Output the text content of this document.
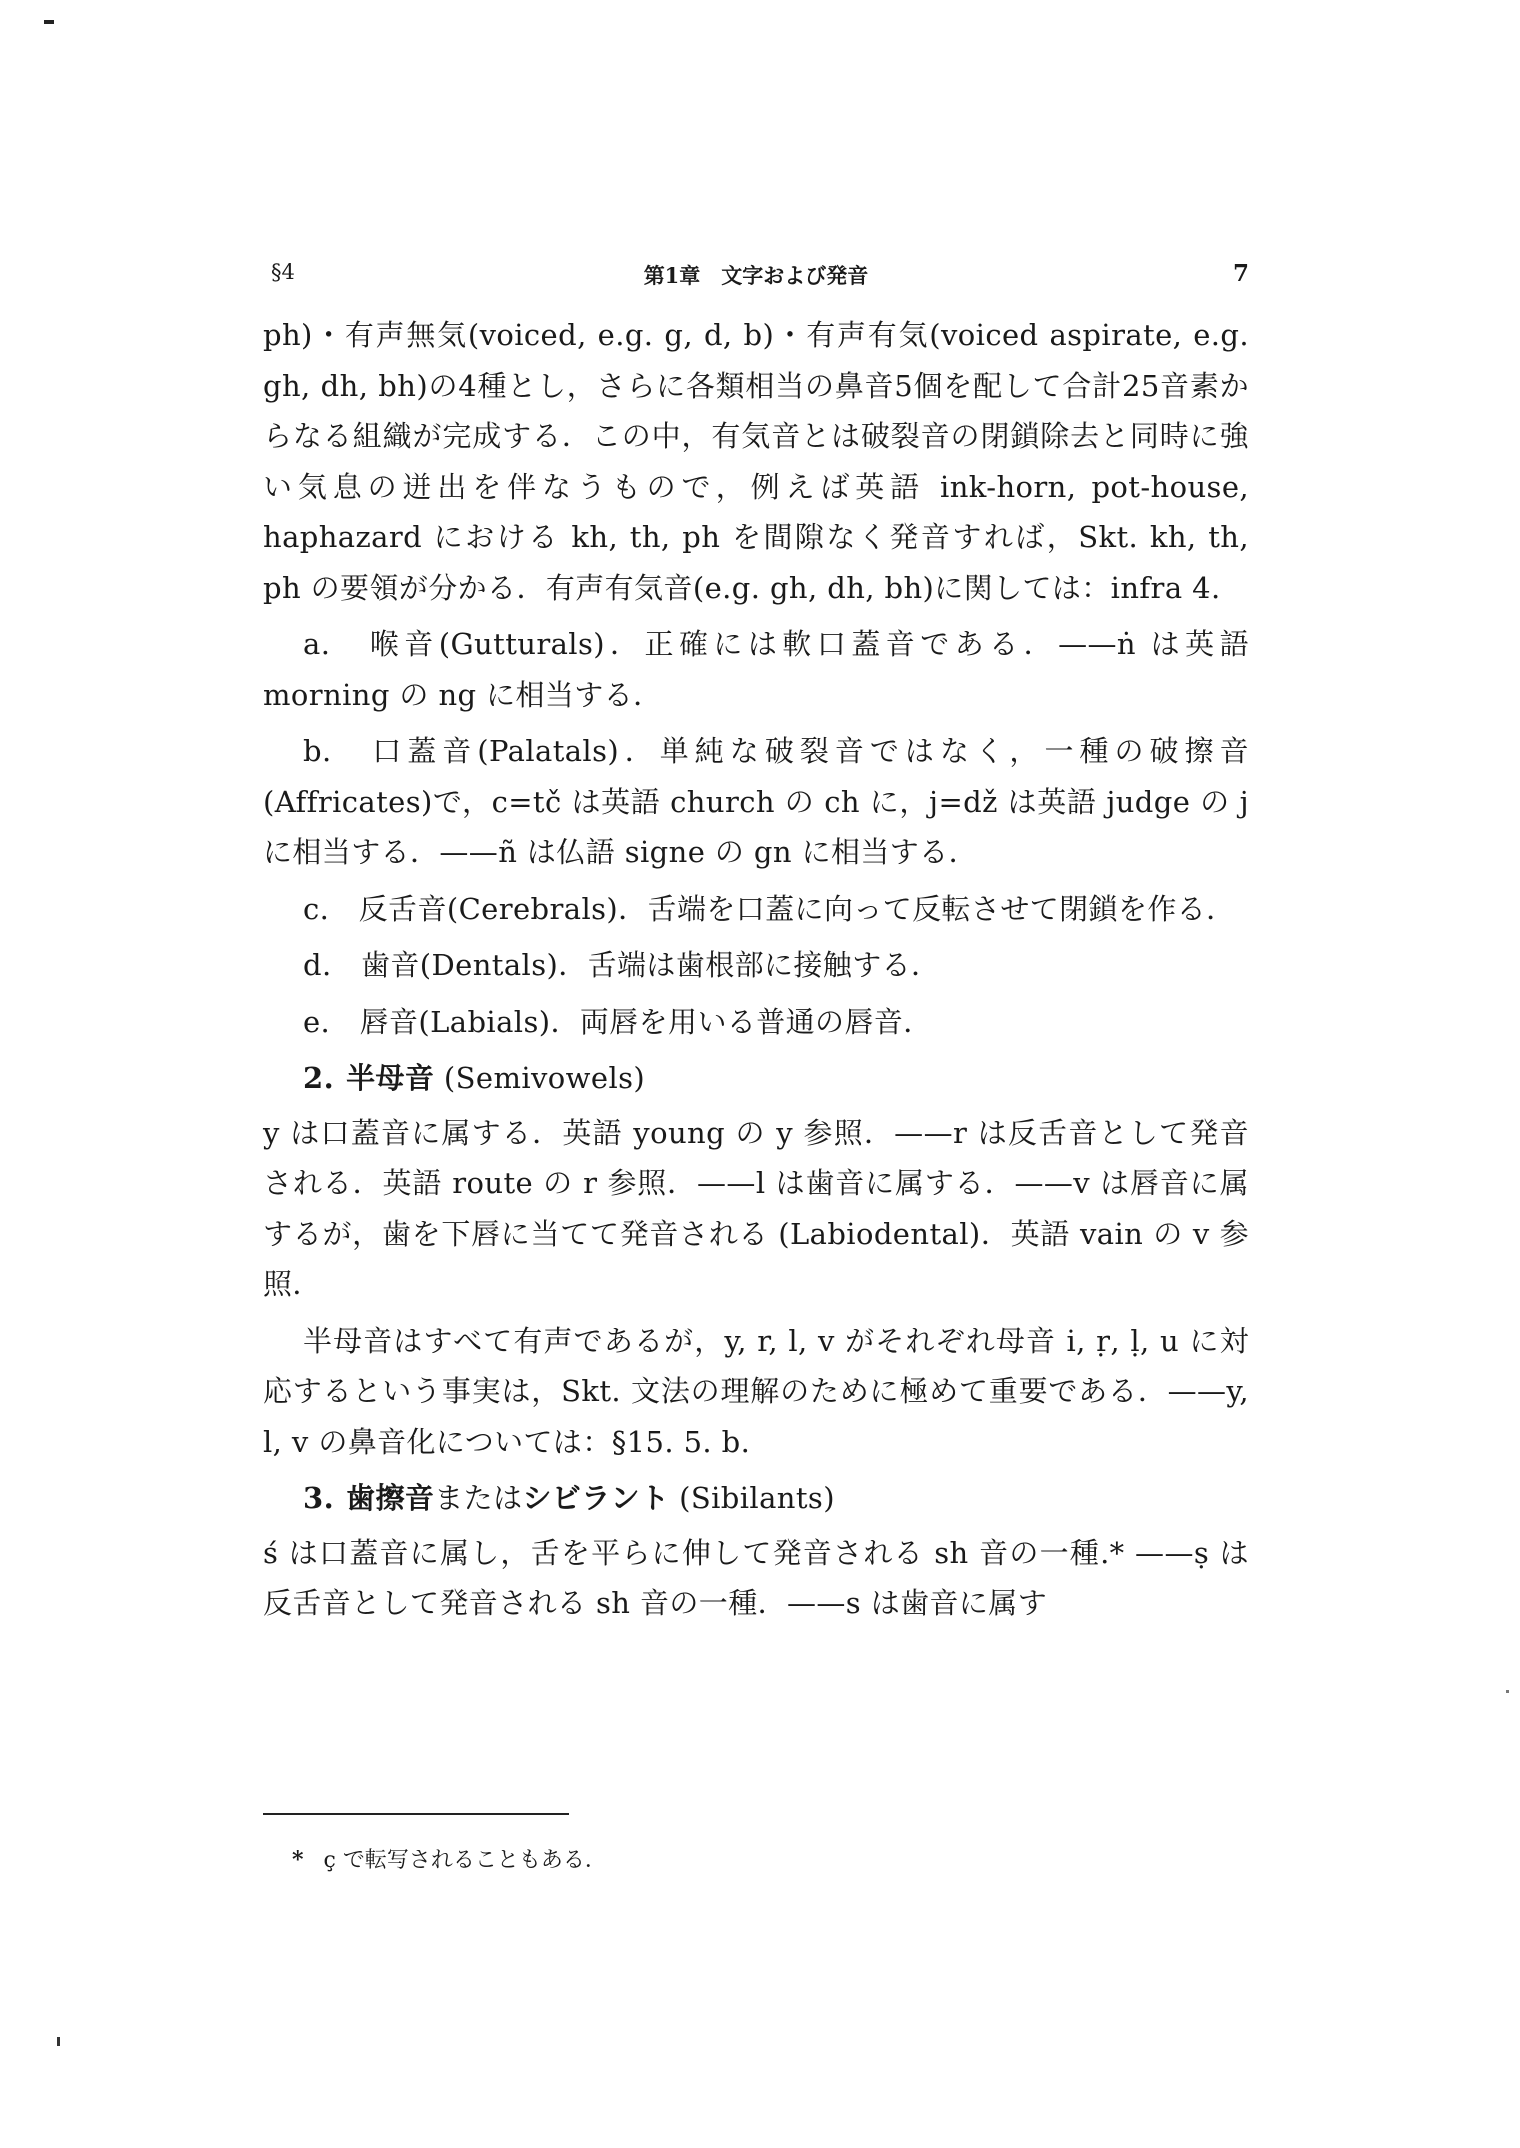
§4	第1章　文字および発音	7

ph)・有声無気(voiced, e.g. g, d, b)・有声有気(voiced aspirate, e.g. gh, dh, bh)の4種とし，さらに各類相当の鼻音5個を配して合計25音素からなる組織が完成する．この中，有気音とは破裂音の閉鎖除去と同時に強い気息の迸出を伴なうもので，例えば英語 ink-horn, pot-house, haphazard における kh, th, ph を間隙なく発音すれば，Skt. kh, th, ph の要領が分かる．有声有気音(e.g. gh, dh, bh)に関しては：infra 4.

a.　喉音(Gutturals)．正確には軟口蓋音である．——ṅ は英語 morning の ng に相当する．

b.　口蓋音(Palatals)．単純な破裂音ではなく，一種の破擦音(Affricates)で，c=tč は英語 church の ch に，j=dž は英語 judge の j に相当する．——ñ は仏語 signe の gn に相当する．

c.　反舌音(Cerebrals)．舌端を口蓋に向って反転させて閉鎖を作る．

d.　歯音(Dentals)．舌端は歯根部に接触する．

e.　唇音(Labials)．両唇を用いる普通の唇音．

2. 半母音 (Semivowels)

y は口蓋音に属する．英語 young の y 参照．——r は反舌音として発音される．英語 route の r 参照．——l は歯音に属する．——v は唇音に属するが，歯を下唇に当てて発音される (Labiodental)．英語 vain の v 参照．

半母音はすべて有声であるが，y, r, l, v がそれぞれ母音 i, ṛ, ḷ, u に対応するという事実は，Skt. 文法の理解のために極めて重要である．——y, l, v の鼻音化については：§15. 5. b.

3. 歯擦音またはシビラント (Sibilants)

ś は口蓋音に属し，舌を平らに伸して発音される sh 音の一種.* ——ṣ は反舌音として発音される sh 音の一種．——s は歯音に属す

* ç で転写されることもある．
